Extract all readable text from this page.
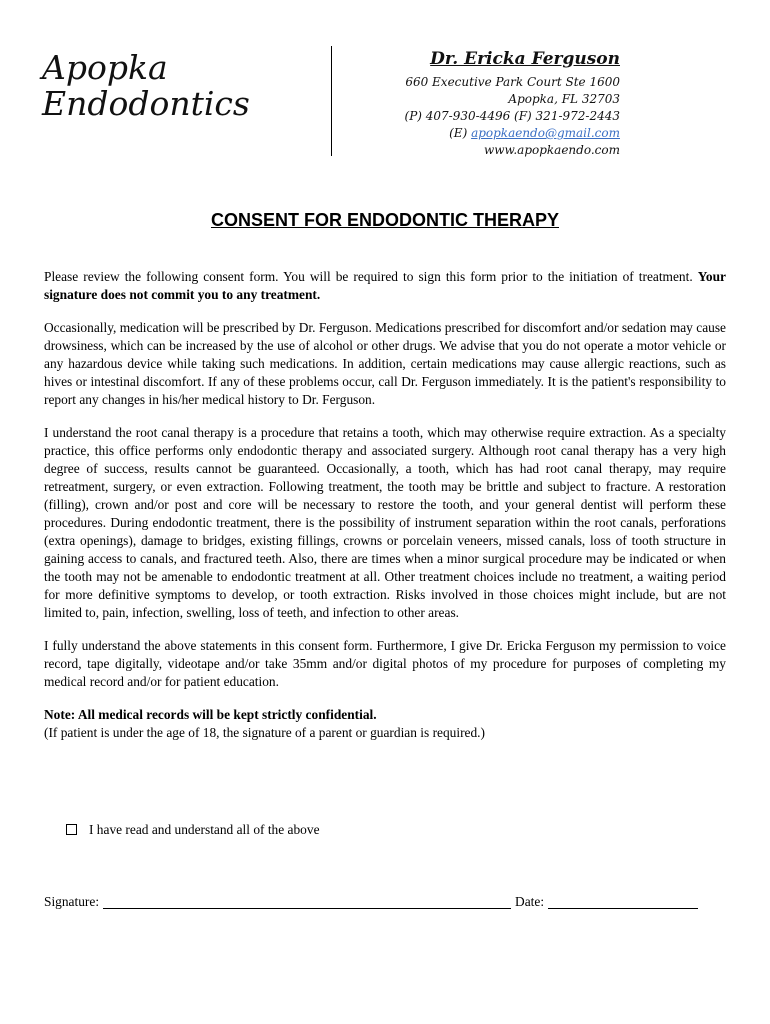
Apopka
Endodontics
Dr. Ericka Ferguson
660 Executive Park Court Ste 1600
Apopka, FL 32703
(P) 407-930-4496 (F) 321-972-2443
(E) apopkaendo@gmail.com
www.apopkaendo.com
CONSENT FOR ENDODONTIC THERAPY

Please review the following consent form. You will be required to sign this form prior to the initiation of treatment. Your signature does not commit you to any treatment.

Occasionally, medication will be prescribed by Dr. Ferguson. Medications prescribed for discomfort and/or sedation may cause drowsiness, which can be increased by the use of alcohol or other drugs. We advise that you do not operate a motor vehicle or any hazardous device while taking such medications. In addition, certain medications may cause allergic reactions, such as hives or intestinal discomfort. If any of these problems occur, call Dr. Ferguson immediately. It is the patient's responsibility to report any changes in his/her medical history to Dr. Ferguson.

I understand the root canal therapy is a procedure that retains a tooth, which may otherwise require extraction. As a specialty practice, this office performs only endodontic therapy and associated surgery. Although root canal therapy has a very high degree of success, results cannot be guaranteed. Occasionally, a tooth, which has had root canal therapy, may require retreatment, surgery, or even extraction. Following treatment, the tooth may be brittle and subject to fracture. A restoration (filling), crown and/or post and core will be necessary to restore the tooth, and your general dentist will perform these procedures. During endodontic treatment, there is the possibility of instrument separation within the root canals, perforations (extra openings), damage to bridges, existing fillings, crowns or porcelain veneers, missed canals, loss of tooth structure in gaining access to canals, and fractured teeth. Also, there are times when a minor surgical procedure may be indicated or when the tooth may not be amenable to endodontic treatment at all. Other treatment choices include no treatment, a waiting period for more definitive symptoms to develop, or tooth extraction. Risks involved in those choices might include, but are not limited to, pain, infection, swelling, loss of teeth, and infection to other areas.

I fully understand the above statements in this consent form. Furthermore, I give Dr. Ericka Ferguson my permission to voice record, tape digitally, videotape and/or take 35mm and/or digital photos of my procedure for purposes of completing my medical record and/or for patient education.

Note: All medical records will be kept strictly confidential.
(If patient is under the age of 18, the signature of a parent or guardian is required.)

I have read and understand all of the above
Signature:	Date:
